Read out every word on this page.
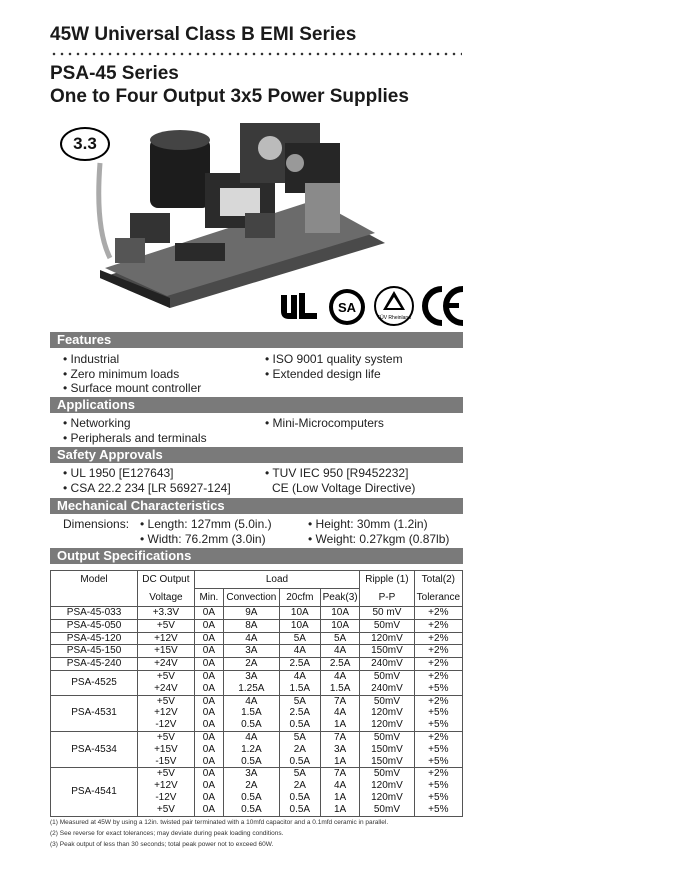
45W Universal Class B EMI Series
PSA-45 Series
One to Four Output 3x5 Power Supplies
3.3
SA
TÜV Rheinland
Features
• Industrial
• Zero minimum loads
• Surface mount controller
• ISO 9001 quality system
• Extended design life
Applications
• Networking
• Peripherals and terminals
• Mini-Microcomputers
Safety Approvals
• UL 1950 [E127643]
• CSA 22.2 234 [LR 56927-124]
• TUV IEC 950 [R9452232]
CE (Low Voltage Directive)
Mechanical Characteristics
Dimensions: • Length: 127mm (5.0in.)
• Width: 76.2mm (3.0in)
• Height: 30mm (1.2in)
• Weight: 0.27kgm (0.87lb)
Output Specifications
Model	DC Output	Load				Ripple (1)	Total(2)
	Voltage	Min.	Convection	20cfm	Peak(3)	P-P	Tolerance
PSA-45-033	+3.3V	0A	9A	10A	10A	50 mV	+2%
PSA-45-050	+5V	0A	8A	10A	10A	50mV	+2%
PSA-45-120	+12V	0A	4A	5A	5A	120mV	+2%
PSA-45-150	+15V	0A	3A	4A	4A	150mV	+2%
PSA-45-240	+24V	0A	2A	2.5A	2.5A	240mV	+2%
PSA-4525	+5V	0A	3A	4A	4A	50mV	+2%
	+24V	0A	1.25A	1.5A	1.5A	240mV	+5%
PSA-4531	+5V	0A	4A	5A	7A	50mV	+2%
	+12V	0A	1.5A	2.5A	4A	120mV	+5%
	-12V	0A	0.5A	0.5A	1A	120mV	+5%
PSA-4534	+5V	0A	4A	5A	7A	50mV	+2%
	+15V	0A	1.2A	2A	3A	150mV	+5%
	-15V	0A	0.5A	0.5A	1A	150mV	+5%
PSA-4541	+5V	0A	3A	5A	7A	50mV	+2%
	+12V	0A	2A	2A	4A	120mV	+5%
	-12V	0A	0.5A	0.5A	1A	120mV	+5%
	+5V	0A	0.5A	0.5A	1A	50mV	+5%
(1) Measured at 45W by using a 12in. twisted pair terminated with a 10mfd capacitor and a 0.1mfd ceramic in parallel.
(2) See reverse for exact tolerances; may deviate during peak loading conditions.
(3) Peak output of less than 30 seconds; total peak power not to exceed 60W.
